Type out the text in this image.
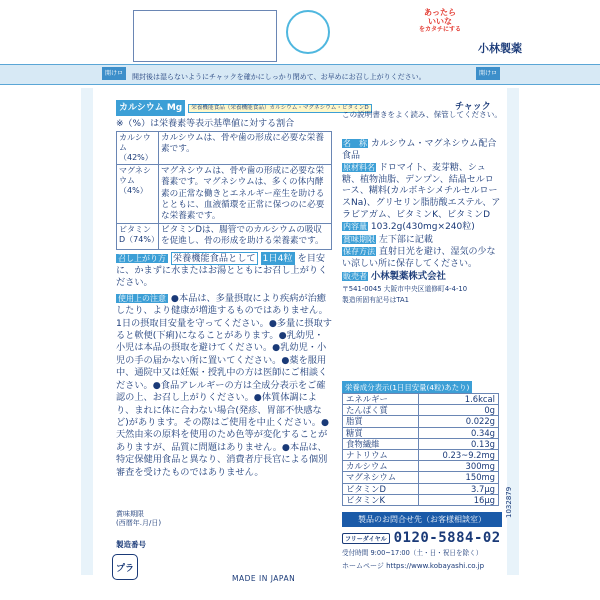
あったら
いいな
をカタチにする
小林製薬
開けロ	開封後は湿らないようにチャックを確かにしっかり閉めて、お早めにお召し上がりください。	開けロ
カルシウム Mg	栄養機能食品（栄養機能食品）カルシウム・マグネシウム・ビタミンD
※（%）は栄養素等表示基準値に対する割合
カルシウム（42%）	カルシウムは、骨や歯の形成に必要な栄養素です。
マグネシウム（4%）	マグネシウムは、骨や歯の形成に必要な栄養素です。マグネシウムは、多くの体内酵素の正常な働きとエネルギー産生を助けるとともに、血液循環を正常に保つのに必要な栄養素です。
ビタミンD（74%）	ビタミンDは、腸管でのカルシウムの吸収を促進し、骨の形成を助ける栄養素です。
召し上がり方 栄養機能食品として 1日4粒 を目安に、かまずに水またはお湯とともにお召し上がりください。
使用上の注意 ●本品は、多量摂取により疾病が治癒したり、より健康が増進するものではありません。1日の摂取目安量を守ってください。●多量に摂取すると軟便(下痢)になることがあります。●乳幼児・小児は本品の摂取を避けてください。●乳幼児・小児の手の届かない所に置いてください。●薬を服用中、通院中又は妊娠・授乳中の方は医師にご相談ください。●食品アレルギーの方は全成分表示をご確認の上、お召し上がりください。●体質体調により、まれに体に合わない場合(発疹、胃部不快感など)があります。その際はご使用を中止ください。●天然由来の原料を使用のため色等が変化することがありますが、品質に問題はありません。●本品は、特定保健用食品と異なり、消費者庁長官による個別審査を受けたものではありません。
賞味期限
(西暦年.月/日)
製造番号
プラ
MADE IN JAPAN
チャック
この説明書きをよく読み、保管してください。

名　称 カルシウム・マグネシウム配合食品

原材料名 ドロマイト、麦芽糖、シュ糖、植物油脂、デンプン、結晶セルロース、糊料(カルボキシメチルセルロースNa)、グリセリン脂肪酸エステル、アラビアガム、ビタミンK、ビタミンD

内容量 103.2g(430mg×240粒)

賞味期限 左下部に記載

保存方法 直射日光を避け、湿気の少ない涼しい所に保存してください。

販売者 小林製薬株式会社

〒541-0045 大阪市中央区道修町4-4-10
製造所固有記号はTA1
栄養成分表示(1日目安量(4粒)あたり)
エネルギー	1.6kcal
たんぱく質	0g
脂質	0.022g
糖質	0.34g
食物繊維	0.13g
ナトリウム	0.23~9.2mg
カルシウム	300mg
マグネシウム	150mg
ビタミンD	3.7μg
ビタミンK	16μg
製品のお問合せ先（お客様相談室）
フリーダイヤル 0120-5884-02
受付時間 9:00~17:00（土・日・祝日を除く）
ホームページ https://www.kobayashi.co.jp
1032879
